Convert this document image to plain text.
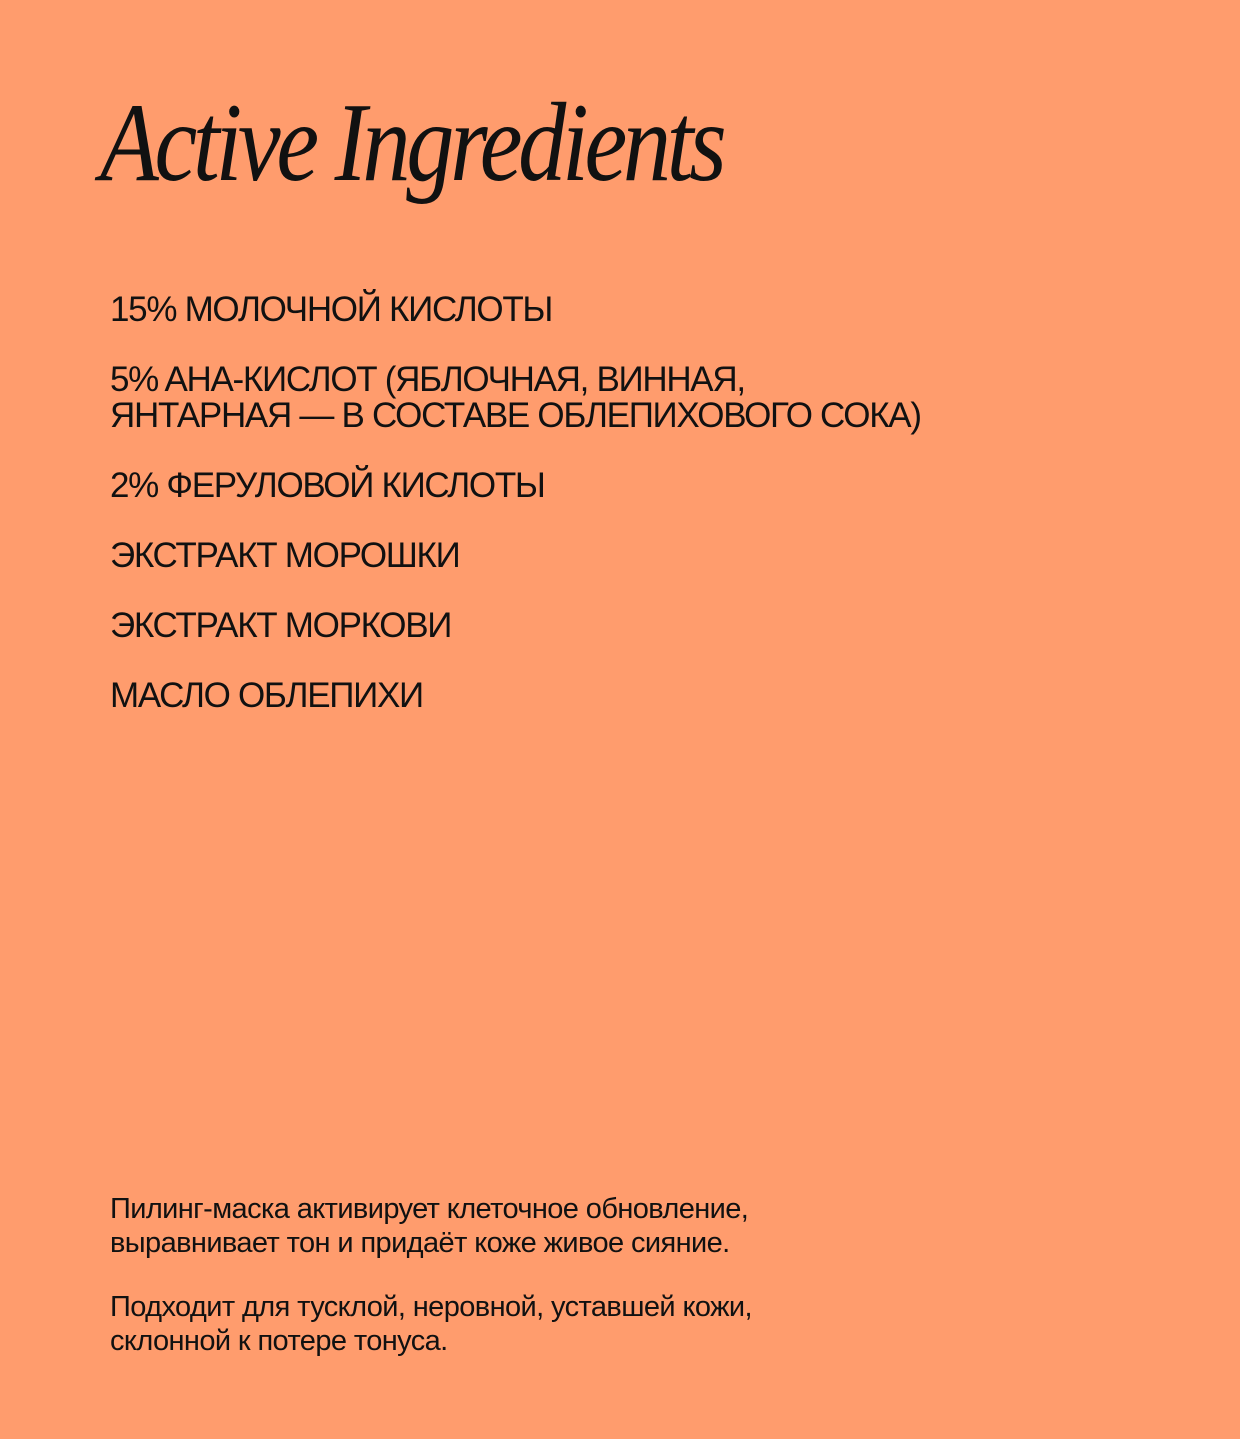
Active Ingredients
15% МОЛОЧНОЙ КИСЛОТЫ
5% AHA-КИСЛОТ (ЯБЛОЧНАЯ, ВИННАЯ,
ЯНТАРНАЯ — В СОСТАВЕ ОБЛЕПИХОВОГО СОКА)
2% ФЕРУЛОВОЙ КИСЛОТЫ
ЭКСТРАКТ МОРОШКИ
ЭКСТРАКТ МОРКОВИ
МАСЛО ОБЛЕПИХИ

Пилинг-маска активирует клеточное обновление,
выравнивает тон и придаёт коже живое сияние.

Подходит для тусклой, неровной, уставшей кожи,
склонной к потере тонуса.
